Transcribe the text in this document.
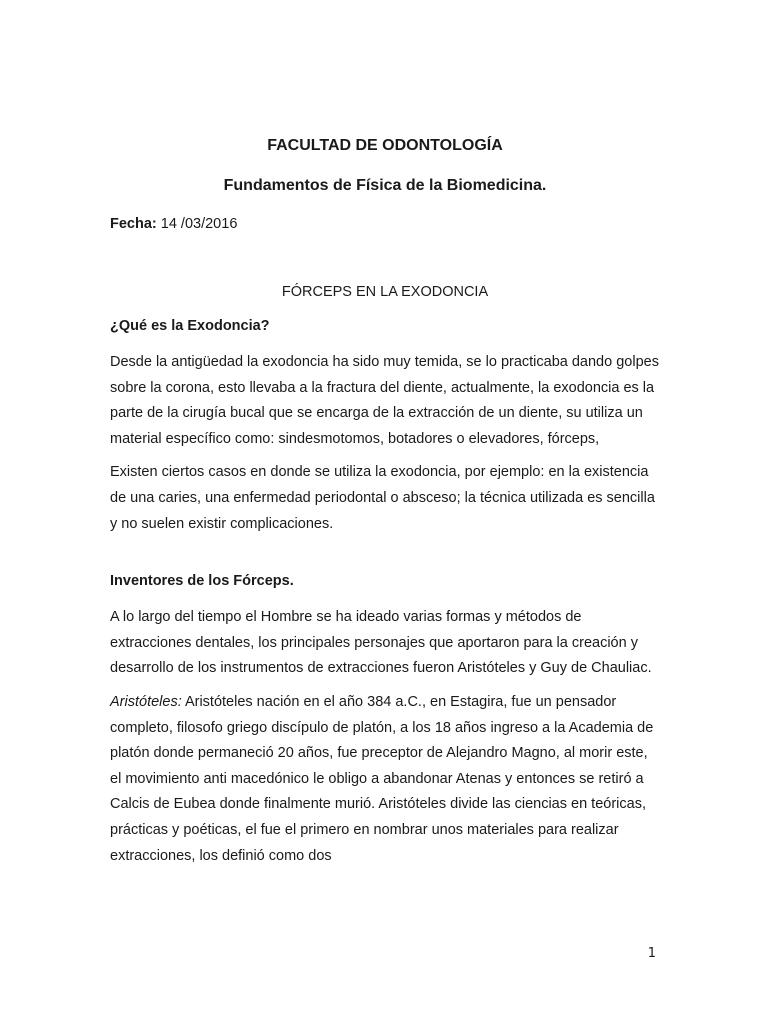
FACULTAD DE ODONTOLOGÍA

Fundamentos de Física de la Biomedicina.

Fecha: 14 /03/2016

FÓRCEPS EN LA EXODONCIA

¿Qué es la Exodoncia?

Desde la antigüedad la exodoncia ha sido muy temida, se lo practicaba dando golpes sobre la corona, esto llevaba a la fractura del diente, actualmente, la exodoncia es la parte de la cirugía bucal que se encarga de la extracción de un diente, su utiliza un material específico como: sindesmotomos, botadores o elevadores, fórceps,

Existen ciertos casos en donde se utiliza la exodoncia, por ejemplo: en la existencia de una caries, una enfermedad periodontal o absceso; la técnica utilizada es sencilla y no suelen existir complicaciones.

Inventores de los Fórceps.

A lo largo del tiempo el Hombre se ha ideado varias formas y métodos de extracciones dentales, los principales personajes que aportaron para la creación y desarrollo de los instrumentos de extracciones fueron Aristóteles y Guy de Chauliac.

Aristóteles: Aristóteles nación en el año 384 a.C., en Estagira, fue un pensador completo, filosofo griego discípulo de platón, a los 18 años ingreso a la Academia de platón donde permaneció 20 años, fue preceptor de Alejandro Magno, al morir este, el movimiento anti macedónico le obligo a abandonar Atenas y entonces se retiró a Calcis de Eubea donde finalmente murió. Aristóteles divide las ciencias en teóricas, prácticas y poéticas, el fue el primero en nombrar unos materiales para realizar extracciones, los definió como dos

1
